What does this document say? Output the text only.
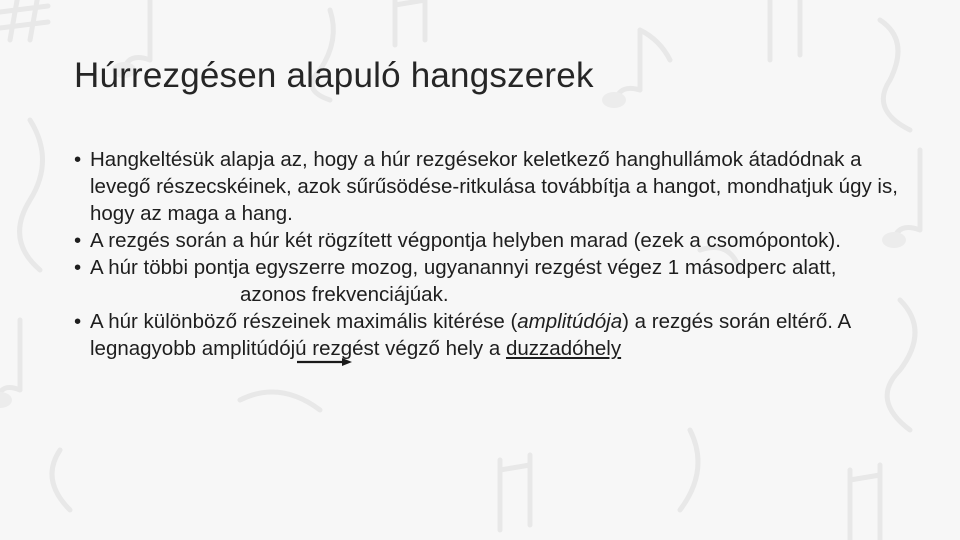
Húrrezgésen alapuló hangszerek
• Hangkeltésük alapja az, hogy a húr rezgésekor keletkező hanghullámok átadódnak a levegő részecskéinek, azok sűrűsödése-ritkulása továbbítja a hangot, mondhatjuk úgy is, hogy az maga a hang.
• A rezgés során a húr két rögzített végpontja helyben marad (ezek a csomópontok).
• A húr többi pontja egyszerre mozog, ugyanannyi rezgést végez 1 másodperc alatt,azonos frekvenciájúak.
• A húr különböző részeinek maximális kitérése (amplitúdója) a rezgés során eltérő. A legnagyobb amplitúdójú rezgést végző hely a duzzadóhely
